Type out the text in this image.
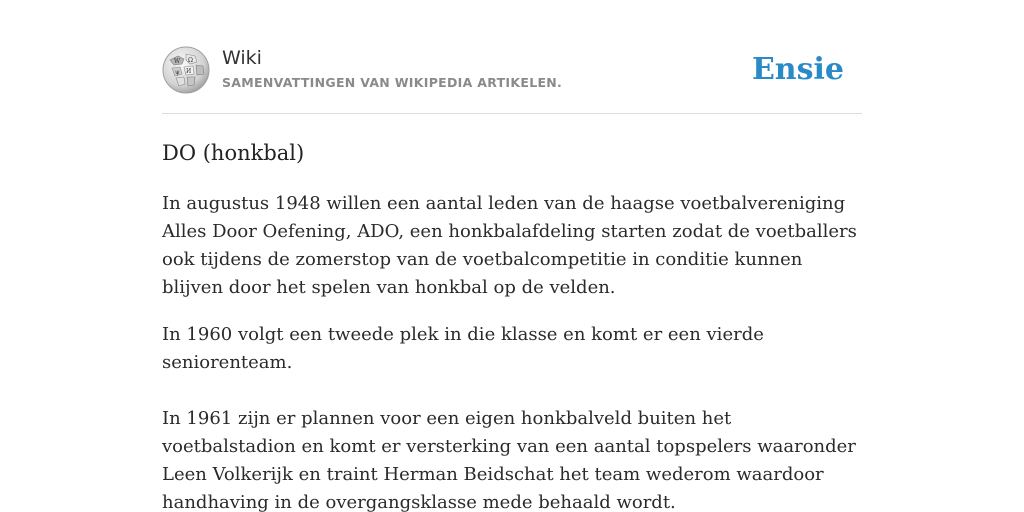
W Ω
И
ψ
Wiki
SAMENVATTINGEN VAN WIKIPEDIA ARTIKELEN.	Ensie
DO (honkbal)

In augustus 1948 willen een aantal leden van de haagse voetbalvereniging Alles Door Oefening, ADO, een honkbalafdeling starten zodat de voetballers ook tijdens de zomerstop van de voetbalcompetitie in conditie kunnen blijven door het spelen van honkbal op de velden.

In 1960 volgt een tweede plek in die klasse en komt er een vierde seniorenteam.

In 1961 zijn er plannen voor een eigen honkbalveld buiten het voetbalstadion en komt er versterking van een aantal topspelers waaronder Leen Volkerijk en traint Herman Beidschat het team wederom waardoor handhaving in de overgangsklasse mede behaald wordt.
